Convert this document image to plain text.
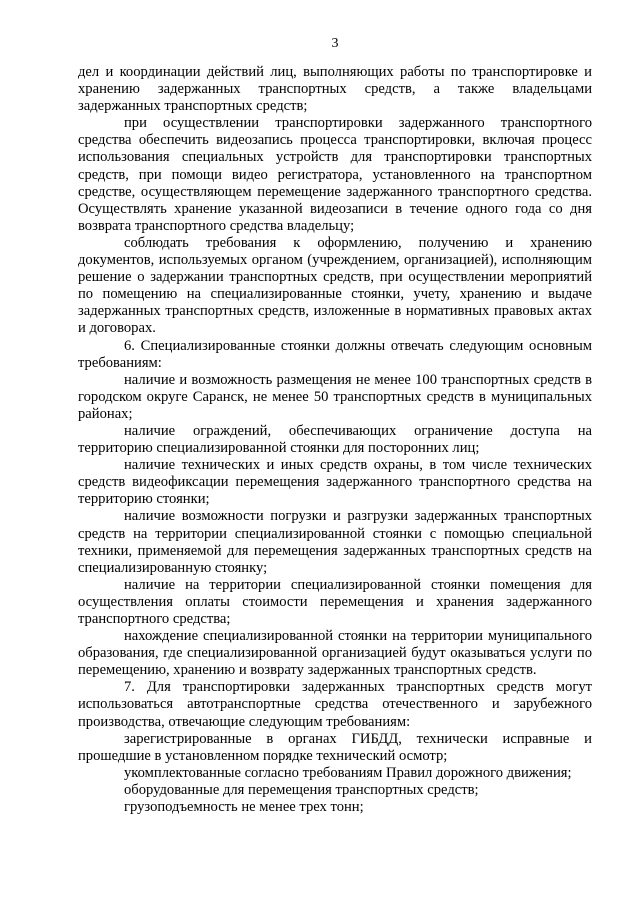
3

дел и координации действий лиц, выполняющих работы по транспортировке и хранению задержанных транспортных средств, а также владельцами задержанных транспортных средств;

при осуществлении транспортировки задержанного транспортного средства обеспечить видеозапись процесса транспортировки, включая процесс использования специальных устройств для транспортировки транспортных средств, при помощи видео регистратора, установленного на транспортном средстве, осуществляющем перемещение задержанного транспортного средства. Осуществлять хранение указанной видеозаписи в течение одного года со дня возврата транспортного средства владельцу;

соблюдать требования к оформлению, получению и хранению документов, используемых органом (учреждением, организацией), исполняющим решение о задержании транспортных средств, при осуществлении мероприятий по помещению на специализированные стоянки, учету, хранению и выдаче задержанных транспортных средств, изложенные в нормативных правовых актах и договорах.

6. Специализированные стоянки должны отвечать следующим основным требованиям:

наличие и возможность размещения не менее 100 транспортных средств в городском округе Саранск, не менее 50 транспортных средств в муниципальных районах;

наличие ограждений, обеспечивающих ограничение доступа на территорию специализированной стоянки для посторонних лиц;

наличие технических и иных средств охраны, в том числе технических средств видеофиксации перемещения задержанного транспортного средства на территорию стоянки;

наличие возможности погрузки и разгрузки задержанных транспортных средств на территории специализированной стоянки с помощью специальной техники, применяемой для перемещения задержанных транспортных средств на специализированную стоянку;

наличие на территории специализированной стоянки помещения для осуществления оплаты стоимости перемещения и хранения задержанного транспортного средства;

нахождение специализированной стоянки на территории муниципального образования, где специализированной организацией будут оказываться услуги по перемещению, хранению и возврату задержанных транспортных средств.

7. Для транспортировки задержанных транспортных средств могут использоваться автотранспортные средства отечественного и зарубежного производства, отвечающие следующим требованиям:

зарегистрированные в органах ГИБДД, технически исправные и прошедшие в установленном порядке технический осмотр;

укомплектованные согласно требованиям Правил дорожного движения;

оборудованные для перемещения транспортных средств;

грузоподъемность не менее трех тонн;
